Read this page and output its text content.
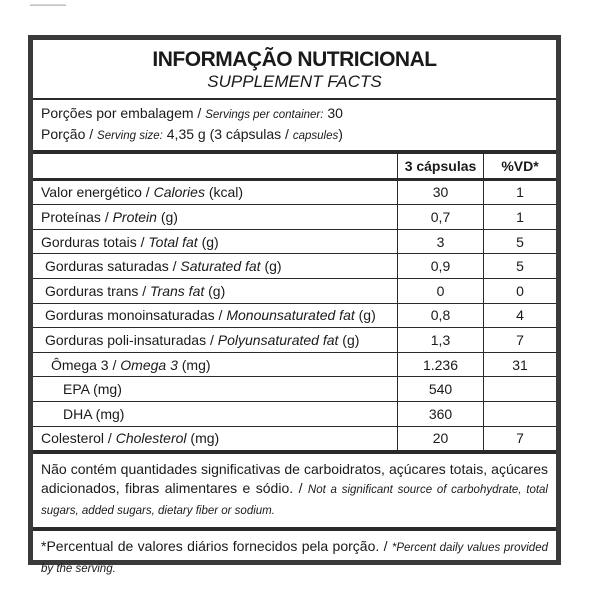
———
INFORMAÇÃO NUTRICIONAL
SUPPLEMENT FACTS
Porções por embalagem / Servings per container: 30
Porção / Serving size: 4,35 g (3 cápsulas / capsules)
	3 cápsulas	%VD*
Valor energético / Calories (kcal)	30	1
Proteínas / Protein (g)	0,7	1
Gorduras totais / Total fat (g)	3	5
Gorduras saturadas / Saturated fat (g)	0,9	5
Gorduras trans / Trans fat (g)	0	0
Gorduras monoinsaturadas / Monounsaturated fat (g)	0,8	4
Gorduras poli-insaturadas / Polyunsaturated fat (g)	1,3	7
Ômega 3 / Omega 3 (mg)	1.236	31
EPA (mg)	540	
DHA (mg)	360	
Colesterol / Cholesterol (mg)	20	7
Não contém quantidades significativas de carboidratos, açúcares totais, açúcares adicionados, fibras alimentares e sódio. / Not a significant source of carbohydrate, total sugars, added sugars, dietary fiber or sodium.
*Percentual de valores diários fornecidos pela porção. / *Percent daily values provided by the serving.
